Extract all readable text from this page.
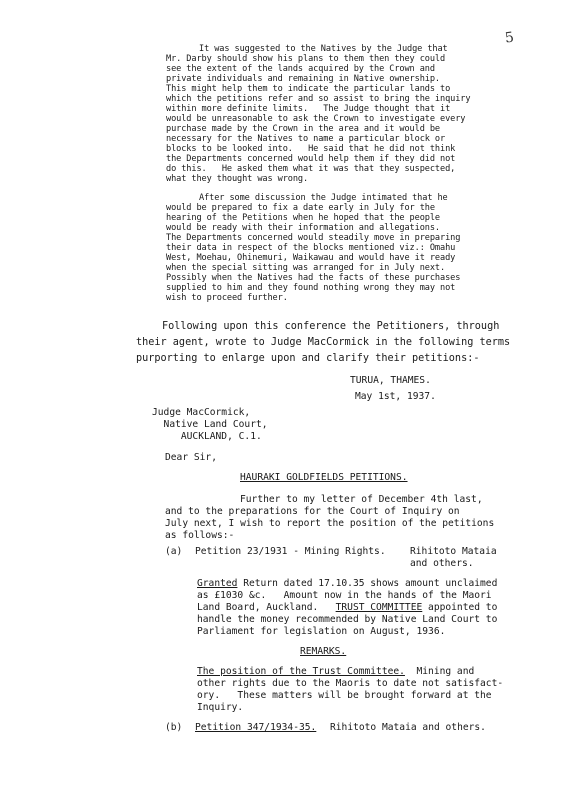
5
It was suggested to the Natives by the Judge that
Mr. Darby should show his plans to them then they could
see the extent of the lands acquired by the Crown and
private individuals and remaining in Native ownership.
This might help them to indicate the particular lands to
which the petitions refer and so assist to bring the inquiry
within more definite limits.   The Judge thought that it
would be unreasonable to ask the Crown to investigate every
purchase made by the Crown in the area and it would be
necessary for the Natives to name a particular block or
blocks to be looked into.   He said that he did not think
the Departments concerned would help them if they did not
do this.   He asked them what it was that they suspected,
what they thought was wrong.
After some discussion the Judge intimated that he
would be prepared to fix a date early in July for the
hearing of the Petitions when he hoped that the people
would be ready with their information and allegations.
The Departments concerned would steadily move in preparing
their data in respect of the blocks mentioned viz.: Omahu
West, Moehau, Ohinemuri, Waikawau and would have it ready
when the special sitting was arranged for in July next.
Possibly when the Natives had the facts of these purchases
supplied to him and they found nothing wrong they may not
wish to proceed further.
Following upon this conference the Petitioners, through
their agent, wrote to Judge MacCormick in the following terms
purporting to enlarge upon and clarify their petitions:-
TURUA, THAMES.
May 1st, 1937.
Judge MacCormick,
Native Land Court,
AUCKLAND, C.1.
Dear Sir,
HAURAKI GOLDFIELDS PETITIONS.
Further to my letter of December 4th last,
and to the preparations for the Court of Inquiry on
July next, I wish to report the position of the petitions
as follows:-
(a) Petition 23/1931 - Mining Rights.	Rihitoto Mataia
and others.
Granted Return dated 17.10.35 shows amount unclaimed
as £1030 &c.   Amount now in the hands of the Maori
Land Board, Auckland.   TRUST COMMITTEE appointed to
handle the money recommended by Native Land Court to
Parliament for legislation on August, 1936.
REMARKS.
The position of the Trust Committee.  Mining and
other rights due to the Maoris to date not satisfact-
ory.   These matters will be brought forward at the
Inquiry.
(b) Petition 347/1934-35. Rihitoto Mataia and others.
